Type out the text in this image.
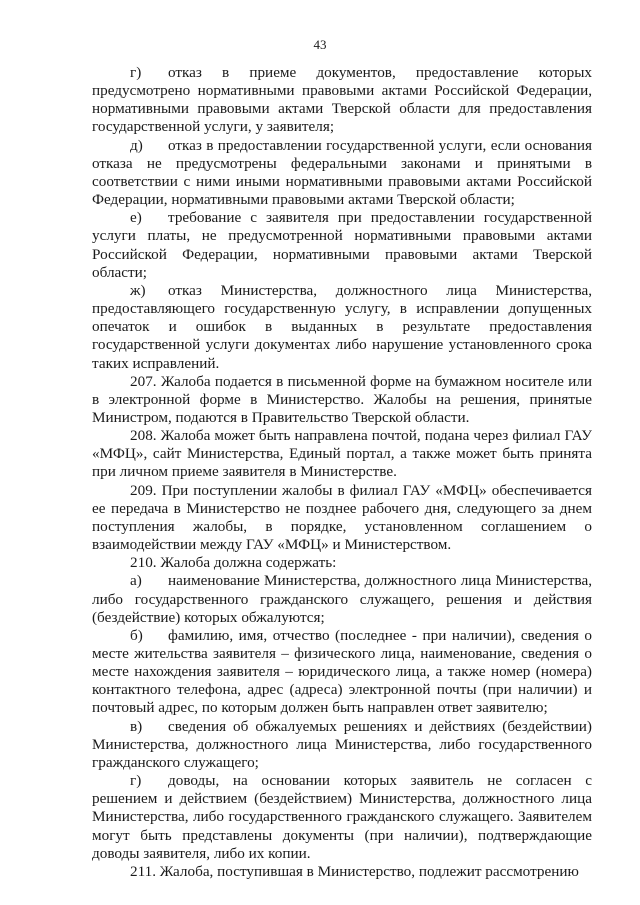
43

г) отказ в приеме документов, предоставление которых предусмотрено нормативными правовыми актами Российской Федерации, нормативными правовыми актами Тверской области для предоставления государственной услуги, у заявителя;

д) отказ в предоставлении государственной услуги, если основания отказа не предусмотрены федеральными законами и принятыми в соответствии с ними иными нормативными правовыми актами Российской Федерации, нормативными правовыми актами Тверской области;

е) требование с заявителя при предоставлении государственной услуги платы, не предусмотренной нормативными правовыми актами Российской Федерации, нормативными правовыми актами Тверской области;

ж) отказ Министерства, должностного лица Министерства, предоставляющего государственную услугу, в исправлении допущенных опечаток и ошибок в выданных в результате предоставления государственной услуги документах либо нарушение установленного срока таких исправлений.

207. Жалоба подается в письменной форме на бумажном носителе или в электронной форме в Министерство. Жалобы на решения, принятые Министром, подаются в Правительство Тверской области.

208. Жалоба может быть направлена почтой, подана через филиал ГАУ «МФЦ», сайт Министерства, Единый портал, а также может быть принята при личном приеме заявителя в Министерстве.

209. При поступлении жалобы в филиал ГАУ «МФЦ» обеспечивается ее передача в Министерство не позднее рабочего дня, следующего за днем поступления жалобы, в порядке, установленном соглашением о взаимодействии между ГАУ «МФЦ» и Министерством.

210. Жалоба должна содержать:

а) наименование Министерства, должностного лица Министерства, либо государственного гражданского служащего, решения и действия (бездействие) которых обжалуются;

б) фамилию, имя, отчество (последнее - при наличии), сведения о месте жительства заявителя – физического лица, наименование, сведения о месте нахождения заявителя – юридического лица, а также номер (номера) контактного телефона, адрес (адреса) электронной почты (при наличии) и почтовый адрес, по которым должен быть направлен ответ заявителю;

в) сведения об обжалуемых решениях и действиях (бездействии) Министерства, должностного лица Министерства, либо государственного гражданского служащего;

г) доводы, на основании которых заявитель не согласен с решением и действием (бездействием) Министерства, должностного лица Министерства, либо государственного гражданского служащего. Заявителем могут быть представлены документы (при наличии), подтверждающие доводы заявителя, либо их копии.

211. Жалоба, поступившая в Министерство, подлежит рассмотрению
